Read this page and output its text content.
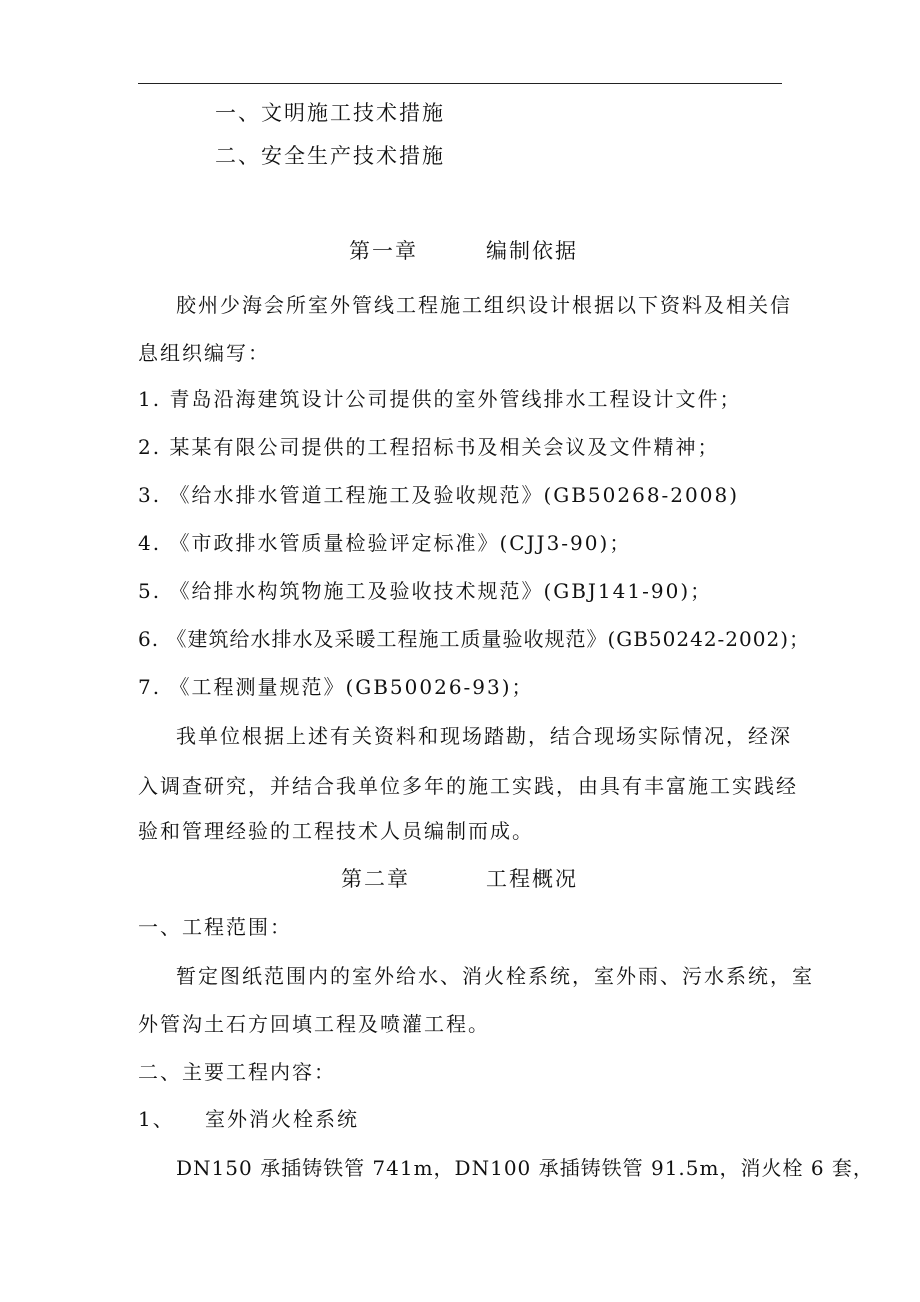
一、文明施工技术措施
二、安全生产技术措施
第一章	编制依据
胶州少海会所室外管线工程施工组织设计根据以下资料及相关信
息组织编写：
1. 青岛沿海建筑设计公司提供的室外管线排水工程设计文件；
2. 某某有限公司提供的工程招标书及相关会议及文件精神；
3. 《给水排水管道工程施工及验收规范》(GB50268-2008)
4. 《市政排水管质量检验评定标准》(CJJ3-90)；
5. 《给排水构筑物施工及验收技术规范》(GBJ141-90)；
6. 《建筑给水排水及采暖工程施工质量验收规范》(GB50242-2002)；
7. 《工程测量规范》(GB50026-93)；
我单位根据上述有关资料和现场踏勘，结合现场实际情况，经深
入调查研究，并结合我单位多年的施工实践，由具有丰富施工实践经
验和管理经验的工程技术人员编制而成。
第二章	工程概况
一、工程范围：
暂定图纸范围内的室外给水、消火栓系统，室外雨、污水系统，室
外管沟土石方回填工程及喷灌工程。
二、主要工程内容：
1、 室外消火栓系统
DN150 承插铸铁管 741m，DN100 承插铸铁管 91.5m，消火栓 6 套，
